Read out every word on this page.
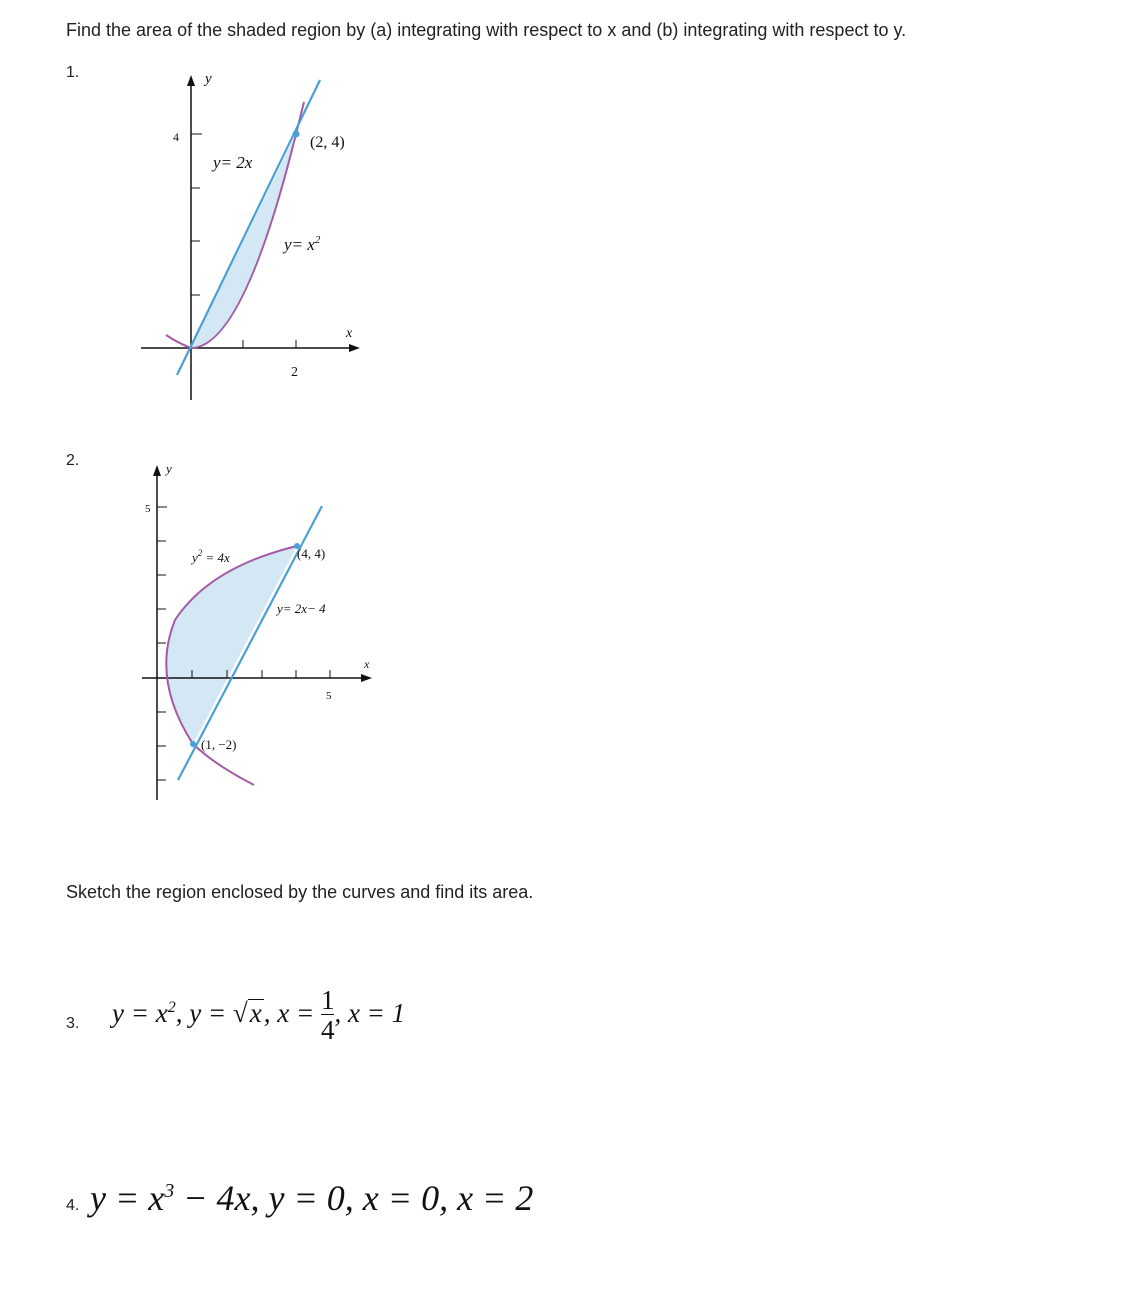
Find the area of the shaded region by (a) integrating with respect to x and (b) integrating with respect to y.
1.	y
x
4
2
y= 2x
(2, 4)
$y= x^2$
2.	y
x
5
5
$y^2 = 4x$	(4, 4)
y= 2x− 4
(1, −2)
Sketch the region enclosed by the curves and find its area.
3. $y = x^2$, y = √x, $x = \frac{1}{4}$ , x = 1
4. $y = x^3 - 4x$, y = 0, x = 0, x = 2
